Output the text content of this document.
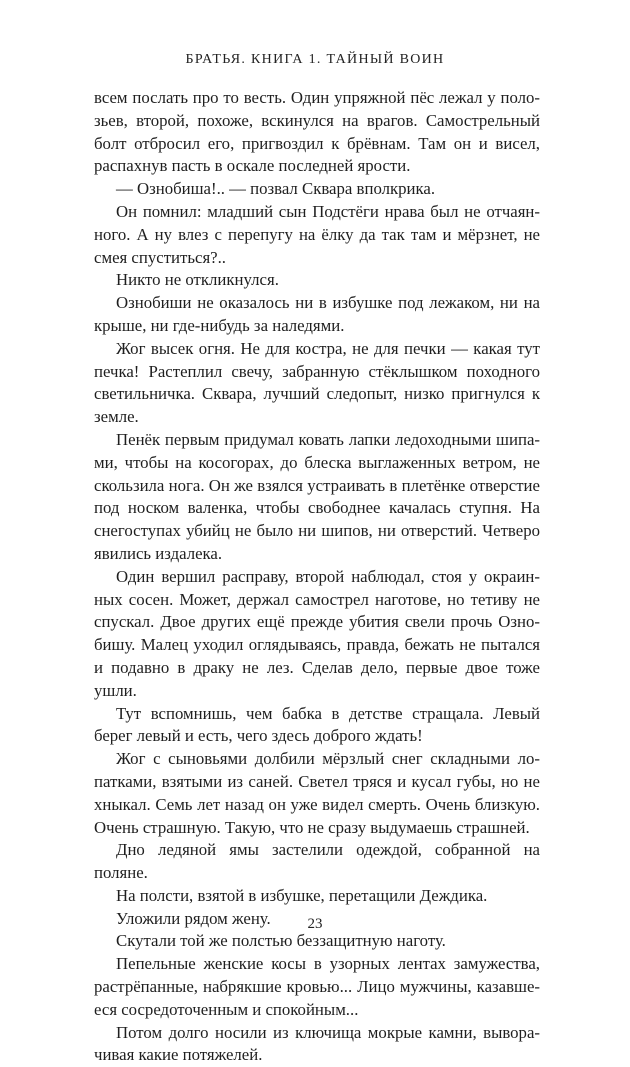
БРАТЬЯ. КНИГА 1. ТАЙНЫЙ ВОИН

всем послать про то весть. Один упряжной пёс лежал у полозьев, второй, похоже, вскинулся на врагов. Самострельный болт отбросил его, пригвоздил к брёвнам. Там он и висел, распахнув пасть в оскале последней ярости.

— Ознобиша!.. — позвал Сквара вполкрика.

Он помнил: младший сын Подстёги нрава был не отчаянного. А ну влез с перепугу на ёлку да так там и мёрзнет, не смея спуститься?..

Никто не откликнулся.

Ознобиши не оказалось ни в избушке под лежаком, ни на крыше, ни где-нибудь за наледями.

Жог высек огня. Не для костра, не для печки — какая тут печка! Растеплил свечу, забранную стёклышком походного светильничка. Сквара, лучший следопыт, низко пригнулся к земле.

Пенёк первым придумал ковать лапки ледоходными шипами, чтобы на косогорах, до блеска выглаженных ветром, не скользила нога. Он же взялся устраивать в плетёнке отверстие под носком валенка, чтобы свободнее качалась ступня. На снегоступах убийц не было ни шипов, ни отверстий. Четверо явились издалека.

Один вершил расправу, второй наблюдал, стоя у окраинных сосен. Может, держал самострел наготове, но тетиву не спускал. Двое других ещё прежде убития свели прочь Ознобишу. Малец уходил оглядываясь, правда, бежать не пытался и подавно в драку не лез. Сделав дело, первые двое тоже ушли.

Тут вспомнишь, чем бабка в детстве стращала. Левый берег левый и есть, чего здесь доброго ждать!

Жог с сыновьями долбили мёрзлый снег складными лопатками, взятыми из саней. Светел тряся и кусал губы, но не хныкал. Семь лет назад он уже видел смерть. Очень близкую. Очень страшную. Такую, что не сразу выдумаешь страшней.

Дно ледяной ямы застелили одеждой, собранной на поляне.

На полсти, взятой в избушке, перетащили Деждика.

Уложили рядом жену.

Скутали той же полстью беззащитную наготу.

Пепельные женские косы в узорных лентах замужества, растрёпанные, набрякшие кровью... Лицо мужчины, казавшееся сосредоточенным и спокойным...

Потом долго носили из ключища мокрые камни, выворачивая какие потяжелей.

23
